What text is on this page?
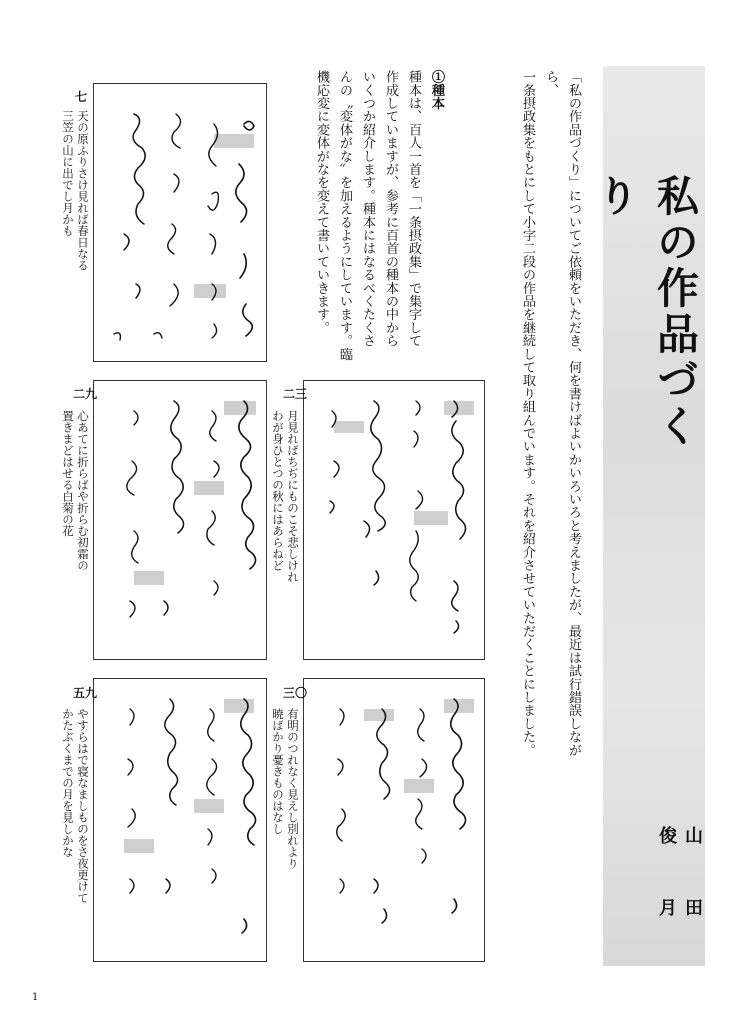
私の作品づくり
山　田　俊　月

「私の作品づくり」についてご依頼をいただき、何を書けばよいかいろいろと考えましたが、最近は試行錯誤しながら、

一条摂政集をもとにして小字二段の作品を継続して取り組んでいます。それを紹介させていただくことにしました。

①種本

種本は、百人一首を「一条摂政集」で集字して

作成していますが、参考に百首の種本の中から

いくつか紹介します。種本にはなるべくたくさ

んの〝変体がな〟を加えるようにしています。臨

機応変に変体がなを変えて書いていきます。

七

天の原ふりさけ見れば春日なる

三笠の山に出でし月かも

二三

月見ればちぢにものこそ悲しけれ

わが身ひとつの秋にはあらねど

二九

心あてに折らばや折らむ初霜の

置きまどはせる白菊の花

三〇

有明のつれなく見えし別れより

暁ばかり憂きものはなし

五九

やすらはで寝なましものをさ夜更けて

かたぶくまでの月を見しかな

1
